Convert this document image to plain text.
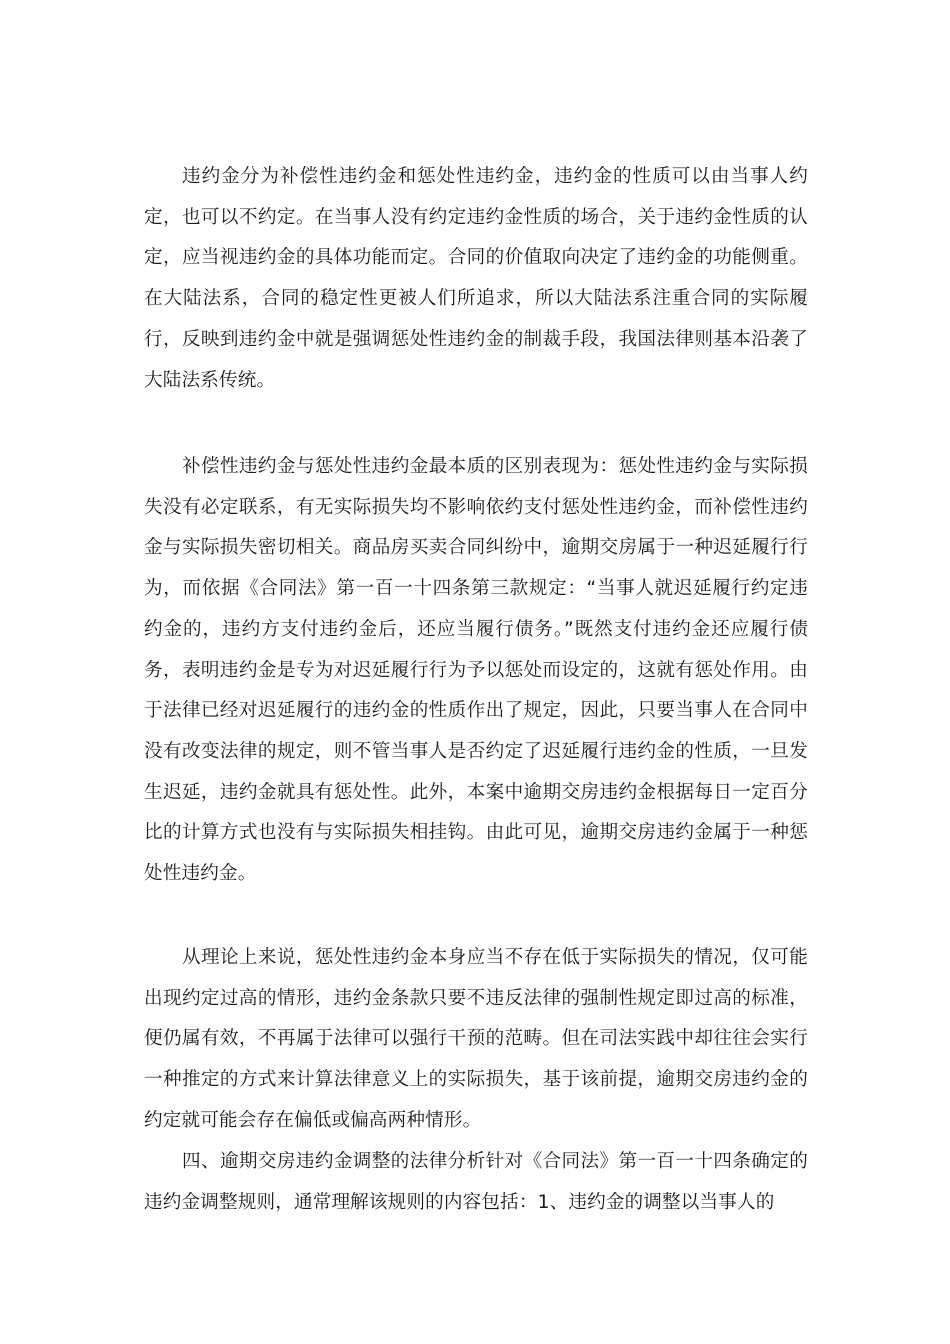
违约金分为补偿性违约金和惩处性违约金，违约金的性质可以由当事人约定，也可以不约定。在当事人没有约定违约金性质的场合，关于违约金性质的认定，应当视违约金的具体功能而定。合同的价值取向决定了违约金的功能侧重。在大陆法系，合同的稳定性更被人们所追求，所以大陆法系注重合同的实际履行，反映到违约金中就是强调惩处性违约金的制裁手段，我国法律则基本沿袭了大陆法系传统。

补偿性违约金与惩处性违约金最本质的区别表现为：惩处性违约金与实际损失没有必定联系，有无实际损失均不影响依约支付惩处性违约金，而补偿性违约金与实际损失密切相关。商品房买卖合同纠纷中，逾期交房属于一种迟延履行行为，而依据《合同法》第一百一十四条第三款规定：“当事人就迟延履行约定违约金的，违约方支付违约金后，还应当履行债务。”既然支付违约金还应履行债务，表明违约金是专为对迟延履行行为予以惩处而设定的，这就有惩处作用。由于法律已经对迟延履行的违约金的性质作出了规定，因此，只要当事人在合同中没有改变法律的规定，则不管当事人是否约定了迟延履行违约金的性质，一旦发生迟延，违约金就具有惩处性。此外，本案中逾期交房违约金根据每日一定百分比的计算方式也没有与实际损失相挂钩。由此可见，逾期交房违约金属于一种惩处性违约金。

从理论上来说，惩处性违约金本身应当不存在低于实际损失的情况，仅可能出现约定过高的情形，违约金条款只要不违反法律的强制性规定即过高的标准，便仍属有效，不再属于法律可以强行干预的范畴。但在司法实践中却往往会实行一种推定的方式来计算法律意义上的实际损失，基于该前提，逾期交房违约金的约定就可能会存在偏低或偏高两种情形。

四、逾期交房违约金调整的法律分析针对《合同法》第一百一十四条确定的违约金调整规则，通常理解该规则的内容包括：1、违约金的调整以当事人的
